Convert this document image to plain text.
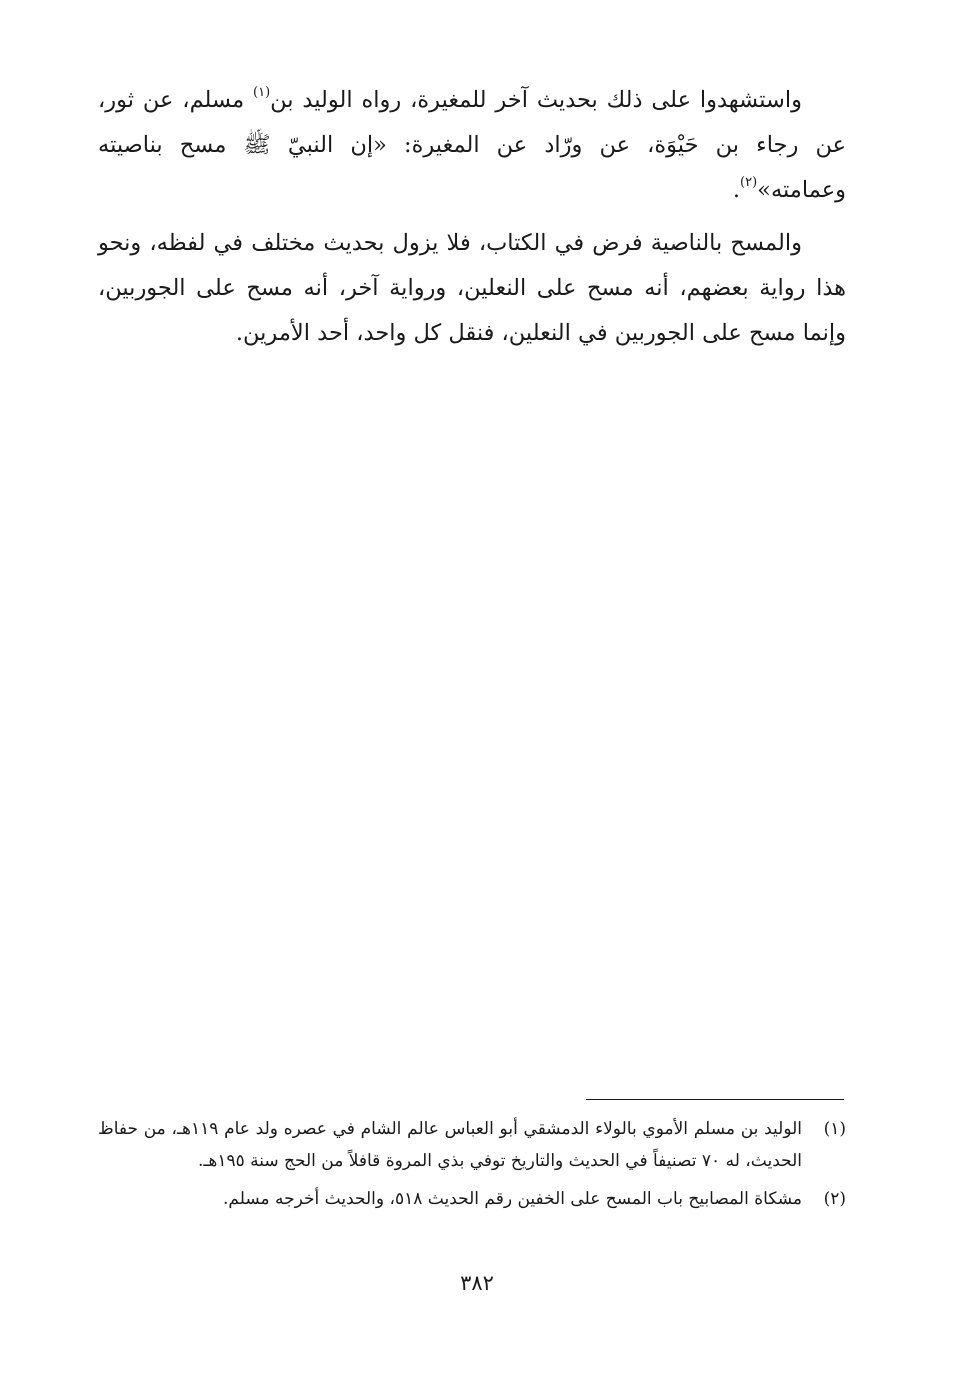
واستشهدوا على ذلك بحديث آخر للمغيرة، رواه الوليد بن$^{(١)}$ مسلم، عن ثور، عن رجاء بن حَيْوَة، عن ورّاد عن المغيرة: «إن النبيّ ﷺ مسح بناصيته وعمامته»$^{(٢)}$.

والمسح بالناصية فرض في الكتاب، فلا يزول بحديث مختلف في لفظه، ونحو هذا رواية بعضهم، أنه مسح على النعلين، ورواية آخر، أنه مسح على الجوربين، وإنما مسح على الجوربين في النعلين، فنقل كل واحد، أحد الأمرين.

(١)
الوليد بن مسلم الأموي بالولاء الدمشقي أبو العباس عالم الشام في عصره ولد عام ١١٩هـ، من حفاظ الحديث، له ٧٠ تصنيفاً في الحديث والتاريخ توفي بذي المروة قافلاً من الحج سنة ١٩٥هـ.
(٢)
مشكاة المصابيح باب المسح على الخفين رقم الحديث ٥١٨، والحديث أخرجه مسلم.
٣٨٢
